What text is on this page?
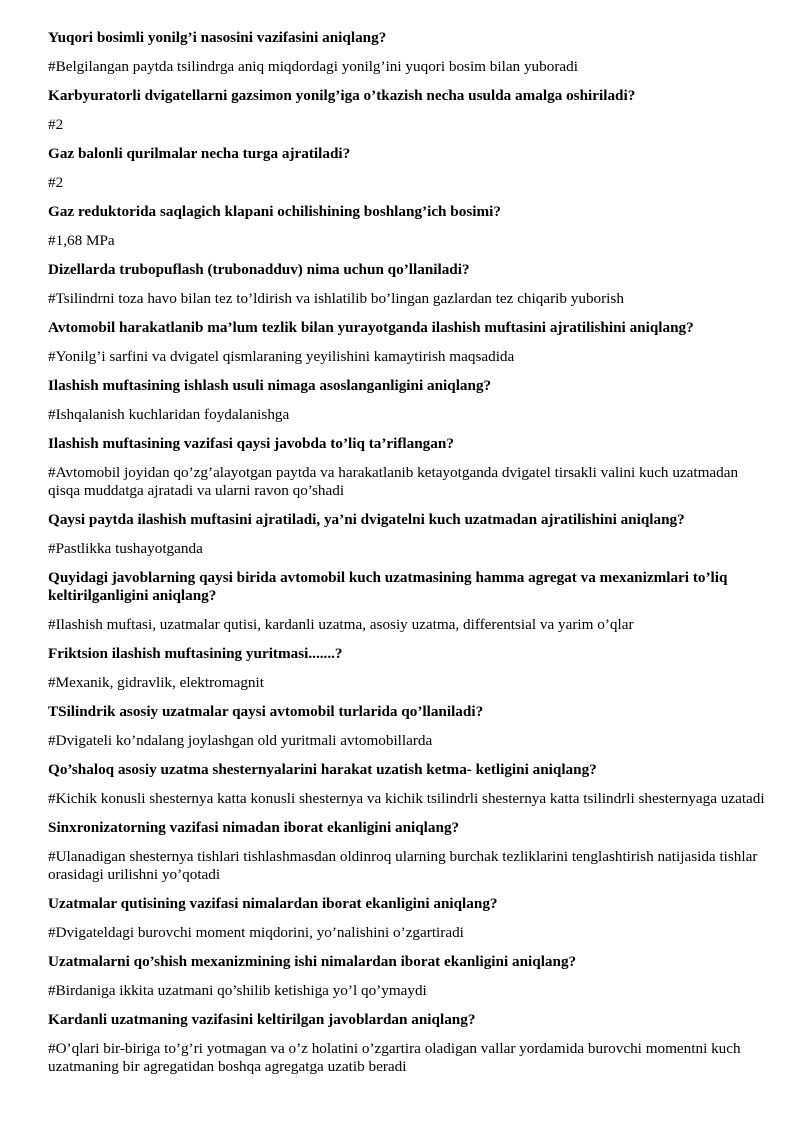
Yuqori bosimli yonilg’i nasosini vazifasini aniqlang?

#Belgilangan paytda tsilindrga aniq miqdordagi yonilg’ini yuqori bosim bilan yuboradi

Karbyuratorli dvigatellarni gazsimon yonilg’iga o’tkazish necha usulda amalga oshiriladi?

#2

Gaz balonli qurilmalar necha turga ajratiladi?

#2

Gaz reduktorida saqlagich klapani ochilishining boshlang’ich bosimi?

#1,68 MPa

Dizellarda trubopuflash (trubonadduv) nima uchun qo’llaniladi?

#Tsilindrni toza havo bilan tez to’ldirish va ishlatilib bo’lingan gazlardan tez chiqarib yuborish

Avtomobil harakatlanib ma’lum tezlik bilan yurayotganda ilashish muftasini ajratilishini aniqlang?

#Yonilg’i sarfini va dvigatel qismlaraning yeyilishini kamaytirish maqsadida

Ilashish muftasining ishlash usuli nimaga asoslanganligini aniqlang?

#Ishqalanish kuchlaridan foydalanishga

Ilashish muftasining vazifasi qaysi javobda to’liq ta’riflangan?

#Avtomobil joyidan qo’zg’alayotgan paytda va harakatlanib ketayotganda dvigatel tirsakli valini kuch uzatmadan qisqa muddatga ajratadi va ularni ravon qo’shadi

Qaysi paytda ilashish muftasini ajratiladi, ya’ni dvigatelni kuch uzatmadan ajratilishini aniqlang?

#Pastlikka tushayotganda

Quyidagi javoblarning qaysi birida avtomobil kuch uzatmasining hamma agregat va mexanizmlari to’liq keltirilganligini aniqlang?

#Ilashish muftasi, uzatmalar qutisi, kardanli uzatma, asosiy uzatma, differentsial va yarim o’qlar

Friktsion ilashish muftasining yuritmasi.......?

#Mexanik, gidravlik, elektromagnit

TSilindrik asosiy uzatmalar qaysi avtomobil turlarida qo’llaniladi?

#Dvigateli ko’ndalang joylashgan old yuritmali avtomobillarda

Qo’shaloq asosiy uzatma shesternyalarini harakat uzatish ketma- ketligini aniqlang?

#Kichik konusli shesternya katta konusli shesternya va kichik tsilindrli shesternya katta tsilindrli shesternyaga uzatadi

Sinxronizatorning vazifasi nimadan iborat ekanligini aniqlang?

#Ulanadigan shesternya tishlari tishlashmasdan oldinroq ularning burchak tezliklarini tenglashtirish natijasida tishlar orasidagi urilishni yo’qotadi

Uzatmalar qutisining vazifasi nimalardan iborat ekanligini aniqlang?

#Dvigateldagi burovchi moment miqdorini, yo’nalishini o’zgartiradi

Uzatmalarni qo’shish mexanizmining ishi nimalardan iborat ekanligini aniqlang?

#Birdaniga ikkita uzatmani qo’shilib ketishiga yo’l qo’ymaydi

Kardanli uzatmaning vazifasini keltirilgan javoblardan aniqlang?

#O’qlari bir-biriga to’g’ri yotmagan va o’z holatini o’zgartira oladigan vallar yordamida burovchi momentni kuch uzatmaning bir agregatidan boshqa agregatga uzatib beradi
